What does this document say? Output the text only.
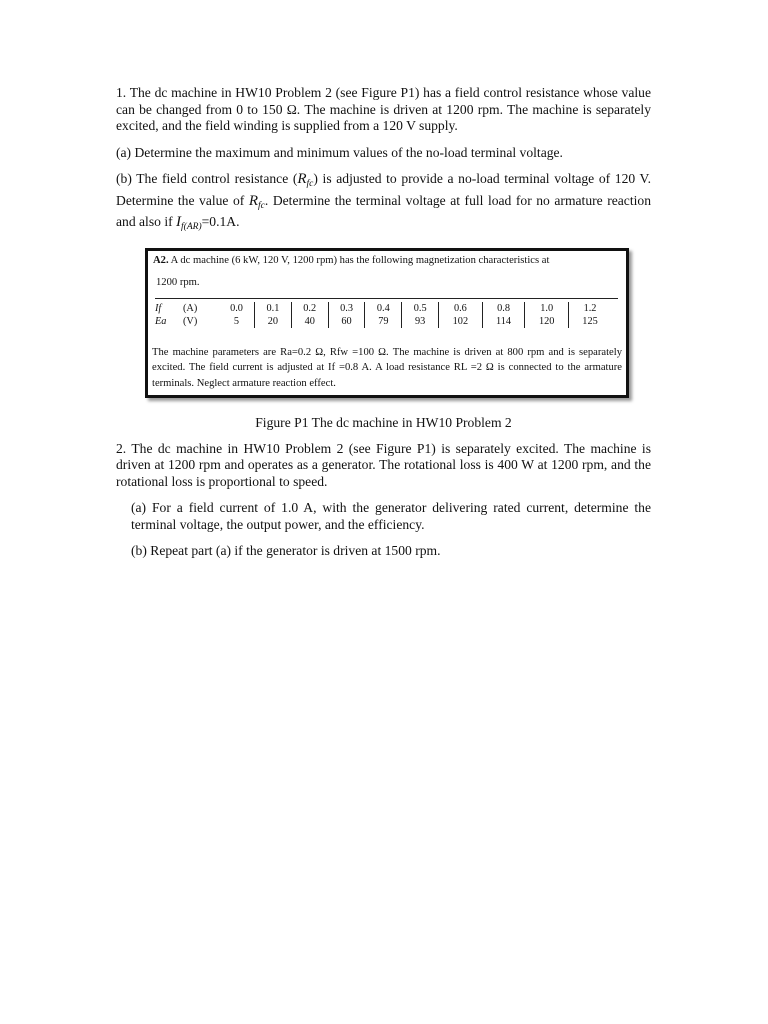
1. The dc machine in HW10 Problem 2 (see Figure P1) has a field control resistance whose value can be changed from 0 to 150 Ω. The machine is driven at 1200 rpm. The machine is separately excited, and the field winding is supplied from a 120 V supply.

(a) Determine the maximum and minimum values of the no-load terminal voltage.

(b) The field control resistance $(R_{fc})$ is adjusted to provide a no-load terminal voltage of 120 V. Determine the value of $R_{fc}$. Determine the terminal voltage at full load for no armature reaction and also if $I_{f(AR)}=0.1A$.

A2. A dc machine (6 kW, 120 V, 1200 rpm) has the following magnetization characteristics at
1200 rpm.
If	(A)	0.0	0.1	0.2	0.3	0.4	0.5	0.6	0.8	1.0	1.2
Ea	(V)	5	20	40	60	79	93	102	114	120	125
The machine parameters are Ra=0.2 Ω, Rfw =100 Ω. The machine is driven at 800 rpm and is separately excited. The field current is adjusted at If =0.8 A. A load resistance RL =2 Ω is connected to the armature terminals. Neglect armature reaction effect.

Figure P1 The dc machine in HW10 Problem 2

2. The dc machine in HW10 Problem 2 (see Figure P1) is separately excited. The machine is driven at 1200 rpm and operates as a generator. The rotational loss is 400 W at 1200 rpm, and the rotational loss is proportional to speed.

(a) For a field current of 1.0 A, with the generator delivering rated current, determine the terminal voltage, the output power, and the efficiency.

(b) Repeat part (a) if the generator is driven at 1500 rpm.
